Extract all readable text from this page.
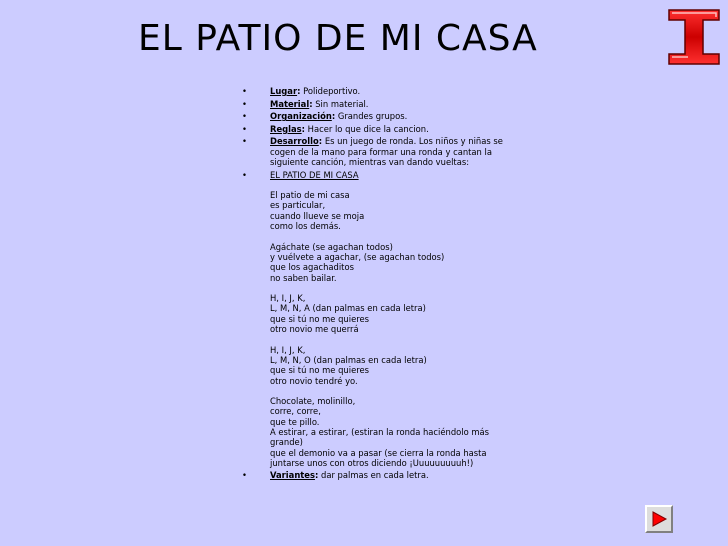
EL PATIO DE MI CASA
•	Lugar: Polideportivo.
•	Material: Sin material.
•	Organización: Grandes grupos.
•	Reglas: Hacer lo que dice la cancion.
•	Desarrollo: Es un juego de ronda. Los niños y niñas se
cogen de la mano para formar una ronda y cantan la
siguiente canción, mientras van dando vueltas:
•	EL PATIO DE MI CASA
El patio de mi casa
es particular,
cuando llueve se moja
como los demás.
Agáchate (se agachan todos)
y vuélvete a agachar, (se agachan todos)
que los agachaditos
no saben bailar.
H, I, J, K,
L, M, N, A (dan palmas en cada letra)
que si tú no me quieres
otro novio me querrá
H, I, J, K,
L, M, N, O (dan palmas en cada letra)
que si tú no me quieres
otro novio tendré yo.
Chocolate, molinillo,
corre, corre,
que te pillo.
A estirar, a estirar, (estiran la ronda haciéndolo más
grande)
que el demonio va a pasar (se cierra la ronda hasta
juntarse unos con otros diciendo ¡Uuuuuuuuuh!)
•	Variantes: dar palmas en cada letra.
